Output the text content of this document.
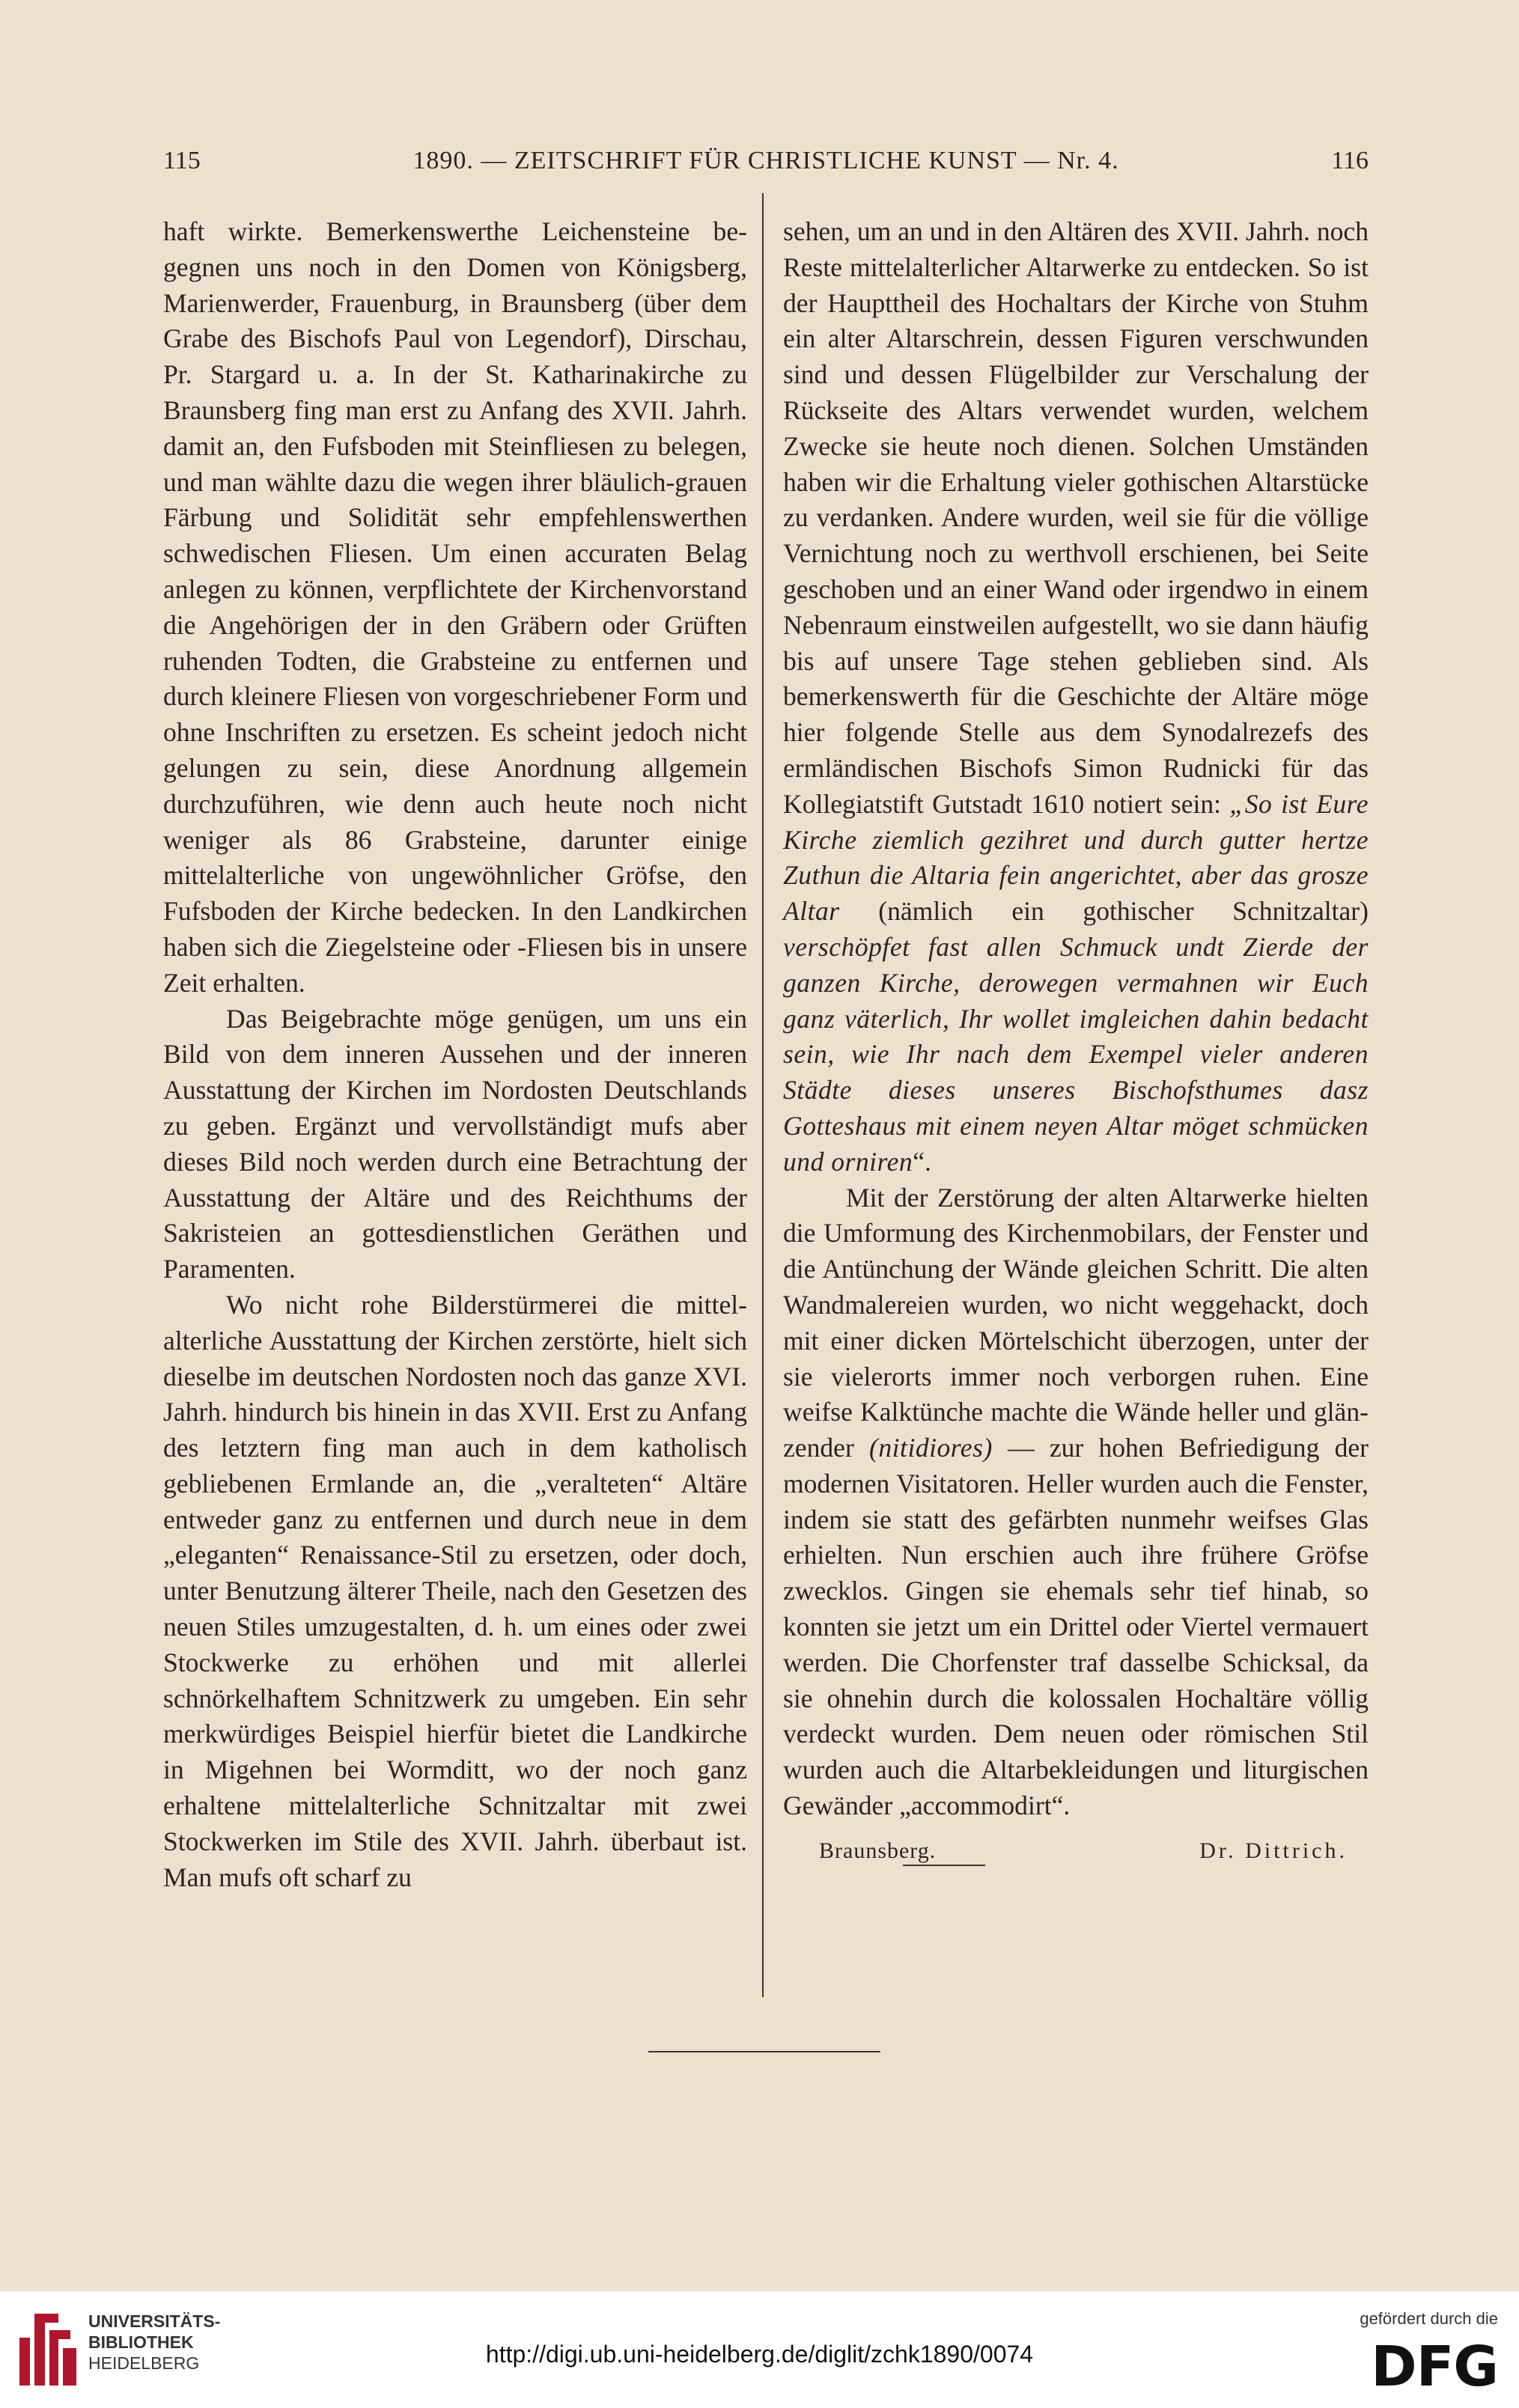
115	1890. — ZEITSCHRIFT FÜR CHRISTLICHE KUNST — Nr. 4.	116

haft wirkte. Bemerkenswerthe Leichensteine begegnen uns noch in den Domen von Königsberg, Marienwerder, Frauenburg, in Braunsberg (über dem Grabe des Bischofs Paul von Legendorf), Dirschau, Pr. Stargard u. a. In der St. Katharinakirche zu Braunsberg fing man erst zu Anfang des XVII. Jahrh. damit an, den Fufsboden mit Steinfliesen zu belegen, und man wählte dazu die wegen ihrer bläulich-grauen Färbung und Solidität sehr empfehlenswerthen schwedischen Fliesen. Um einen accuraten Belag anlegen zu können, verpflichtete der Kirchenvorstand die Angehörigen der in den Gräbern oder Grüften ruhenden Todten, die Grabsteine zu entfernen und durch kleinere Fliesen von vorgeschriebener Form und ohne Inschriften zu ersetzen. Es scheint jedoch nicht gelungen zu sein, diese Anordnung allgemein durchzuführen, wie denn auch heute noch nicht weniger als 86 Grabsteine, darunter einige mittelalterliche von ungewöhnlicher Gröfse, den Fufsboden der Kirche bedecken. In den Landkirchen haben sich die Ziegelsteine oder -Fliesen bis in unsere Zeit erhalten.

Das Beigebrachte möge genügen, um uns ein Bild von dem inneren Aussehen und der inneren Ausstattung der Kirchen im Nordosten Deutschlands zu geben. Ergänzt und vervollständigt mufs aber dieses Bild noch werden durch eine Betrachtung der Ausstattung der Altäre und des Reichthums der Sakristeien an gottesdienstlichen Geräthen und Paramenten.

Wo nicht rohe Bilderstürmerei die mittelalterliche Ausstattung der Kirchen zerstörte, hielt sich dieselbe im deutschen Nordosten noch das ganze XVI. Jahrh. hindurch bis hinein in das XVII. Erst zu Anfang des letztern fing man auch in dem katholisch gebliebenen Ermlande an, die „veralteten“ Altäre entweder ganz zu entfernen und durch neue in dem „eleganten“ Renaissance-Stil zu ersetzen, oder doch, unter Benutzung älterer Theile, nach den Gesetzen des neuen Stiles umzugestalten, d. h. um eines oder zwei Stockwerke zu erhöhen und mit allerlei schnörkelhaftem Schnitzwerk zu umgeben. Ein sehr merkwürdiges Beispiel hierfür bietet die Landkirche in Migehnen bei Wormditt, wo der noch ganz erhaltene mittelalterliche Schnitzaltar mit zwei Stockwerken im Stile des XVII. Jahrh. überbaut ist. Man mufs oft scharf zu

sehen, um an und in den Altären des XVII. Jahrh. noch Reste mittelalterlicher Altarwerke zu entdecken. So ist der Haupttheil des Hochaltars der Kirche von Stuhm ein alter Altarschrein, dessen Figuren verschwunden sind und dessen Flügelbilder zur Verschalung der Rückseite des Altars verwendet wurden, welchem Zwecke sie heute noch dienen. Solchen Umständen haben wir die Erhaltung vieler gothischen Altarstücke zu verdanken. Andere wurden, weil sie für die völlige Vernichtung noch zu werthvoll erschienen, bei Seite geschoben und an einer Wand oder irgendwo in einem Nebenraum einstweilen aufgestellt, wo sie dann häufig bis auf unsere Tage stehen geblieben sind. Als bemerkenswerth für die Geschichte der Altäre möge hier folgende Stelle aus dem Synodalrezefs des ermländischen Bischofs Simon Rudnicki für das Kollegiatstift Gutstadt 1610 notiert sein: „So ist Eure Kirche ziemlich gezihret und durch gutter hertze Zuthun die Altaria fein angerichtet, aber das grosze Altar (nämlich ein gothischer Schnitzaltar) verschöpfet fast allen Schmuck undt Zierde der ganzen Kirche, derowegen vermahnen wir Euch ganz väterlich, Ihr wollet imgleichen dahin bedacht sein, wie Ihr nach dem Exempel vieler anderen Städte dieses unseres Bischofsthumes dasz Gotteshaus mit einem neyen Altar möget schmücken und orniren“.

Mit der Zerstörung der alten Altarwerke hielten die Umformung des Kirchenmobilars, der Fenster und die Antünchung der Wände gleichen Schritt. Die alten Wandmalereien wurden, wo nicht weggehackt, doch mit einer dicken Mörtelschicht überzogen, unter der sie vielerorts immer noch verborgen ruhen. Eine weifse Kalktünche machte die Wände heller und glänzender (nitidiores) — zur hohen Befriedigung der modernen Visitatoren. Heller wurden auch die Fenster, indem sie statt des gefärbten nunmehr weifses Glas erhielten. Nun erschien auch ihre frühere Gröfse zwecklos. Gingen sie ehemals sehr tief hinab, so konnten sie jetzt um ein Drittel oder Viertel vermauert werden. Die Chorfenster traf dasselbe Schicksal, da sie ohnehin durch die kolossalen Hochaltäre völlig verdeckt wurden. Dem neuen oder römischen Stil wurden auch die Altarbekleidungen und liturgischen Gewänder „accommodirt“.

Braunsberg.	Dr. Dittrich.
UNIVERSITÄTS-
BIBLIOTHEK
HEIDELBERG	http://digi.ub.uni-heidelberg.de/diglit/zchk1890/0074
gefördert durch die
DFG
